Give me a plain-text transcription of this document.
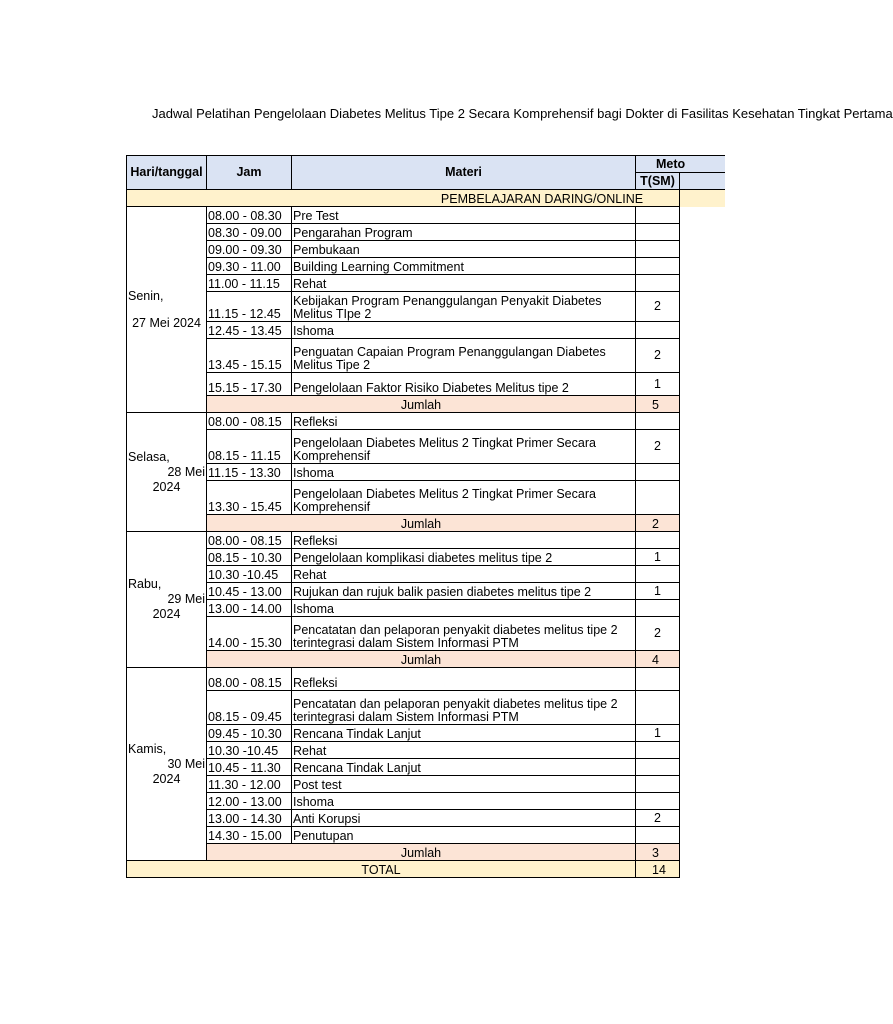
Jadwal Pelatihan Pengelolaan Diabetes Melitus Tipe 2 Secara Komprehensif bagi Dokter di Fasilitas Kesehatan Tingkat Pertama
Hari/tanggal	Jam	Materi	Meto	

			T(SM)	
PEMBELAJARAN DARING/ONLINE				

Senin,
27 Mei 2024	08.00 - 08.30	Pre Test		
	08.30 - 09.00	Pengarahan Program		
	09.00 - 09.30	Pembukaan		
	09.30 - 11.00	Building Learning Commitment		
	11.00 - 11.15	Rehat		
	11.15 - 12.45	Kebijakan Program Penanggulangan Penyakit Diabetes Melitus TIpe 2	2	
	12.45 - 13.45	Ishoma		
	13.45 - 15.15	Penguatan Capaian Program Penanggulangan Diabetes Melitus Tipe 2	2	
	15.15 - 17.30	Pengelolaan Faktor Risiko Diabetes Melitus tipe 2	1	
	Jumlah		5	

Selasa,
28 Mei
2024	08.00 - 08.15	Refleksi		
	08.15 - 11.15	Pengelolaan Diabetes Melitus 2 Tingkat Primer Secara Komprehensif	2	
	11.15 - 13.30	Ishoma		
	13.30 - 15.45	Pengelolaan Diabetes Melitus 2 Tingkat Primer Secara Komprehensif		
	Jumlah		2	

Rabu,
29 Mei
2024	08.00 - 08.15	Refleksi		
	08.15 - 10.30	Pengelolaan komplikasi diabetes melitus tipe 2	1	
	10.30 -10.45	Rehat		
	10.45 - 13.00	Rujukan dan rujuk balik pasien diabetes melitus tipe 2	1	
	13.00 - 14.00	Ishoma		
	14.00 - 15.30	Pencatatan dan pelaporan penyakit diabetes melitus tipe 2 terintegrasi dalam Sistem Informasi PTM	2	
	Jumlah		4	

Kamis,
30 Mei
2024	08.00 - 08.15	Refleksi		
	08.15 - 09.45	Pencatatan dan pelaporan penyakit diabetes melitus tipe 2 terintegrasi dalam Sistem Informasi PTM		
	09.45 - 10.30	Rencana Tindak Lanjut	1	
	10.30 -10.45	Rehat		
	10.45 - 11.30	Rencana Tindak Lanjut		
	11.30 - 12.00	Post test		
	12.00 - 13.00	Ishoma		
	13.00 - 14.30	Anti Korupsi	2	
	14.30 - 15.00	Penutupan		
	Jumlah		3	
TOTAL			14	
